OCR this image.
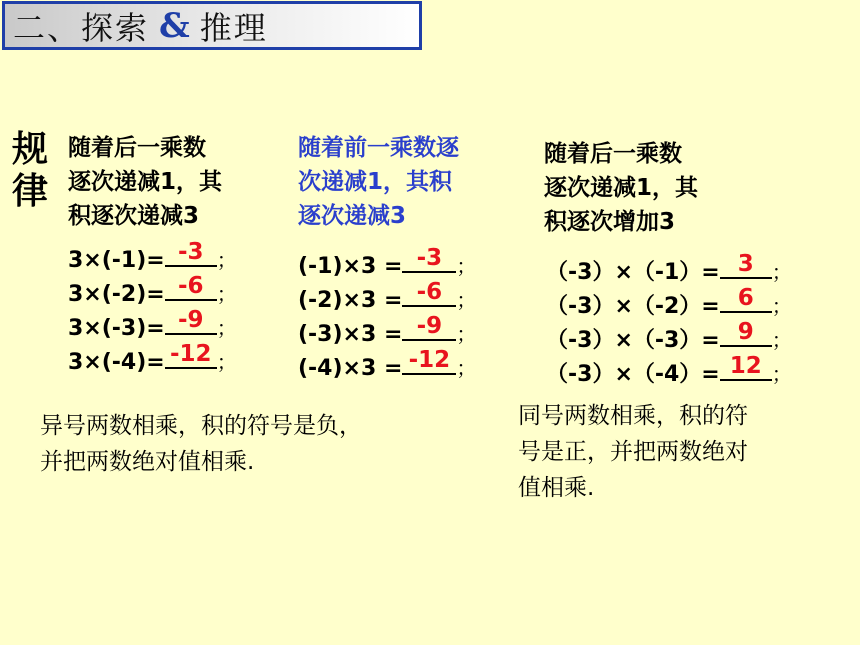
二、探索 & 推理
规
律
随着后一乘数
逐次递减1，其
积逐次递减3
随着前一乘数逐
次递减1，其积
逐次递减3
随着后一乘数
逐次递减1，其
积逐次增加3
3×(-1)= -3 ；
3×(-2)= -6 ；
3×(-3)= -9 ；
3×(-4)= -12 ；
(-1)×3 = -3 ；
(-2)×3 = -6 ；
(-3)×3 = -9 ；
(-4)×3 = -12 ；
（-3）×（-1）= 3 ；
（-3）×（-2）= 6 ；
（-3）×（-3）= 9 ；
（-3）×（-4）= 12 ；
异号两数相乘，积的符号是负，
并把两数绝对值相乘.
同号两数相乘，积的符
号是正，并把两数绝对
值相乘.
